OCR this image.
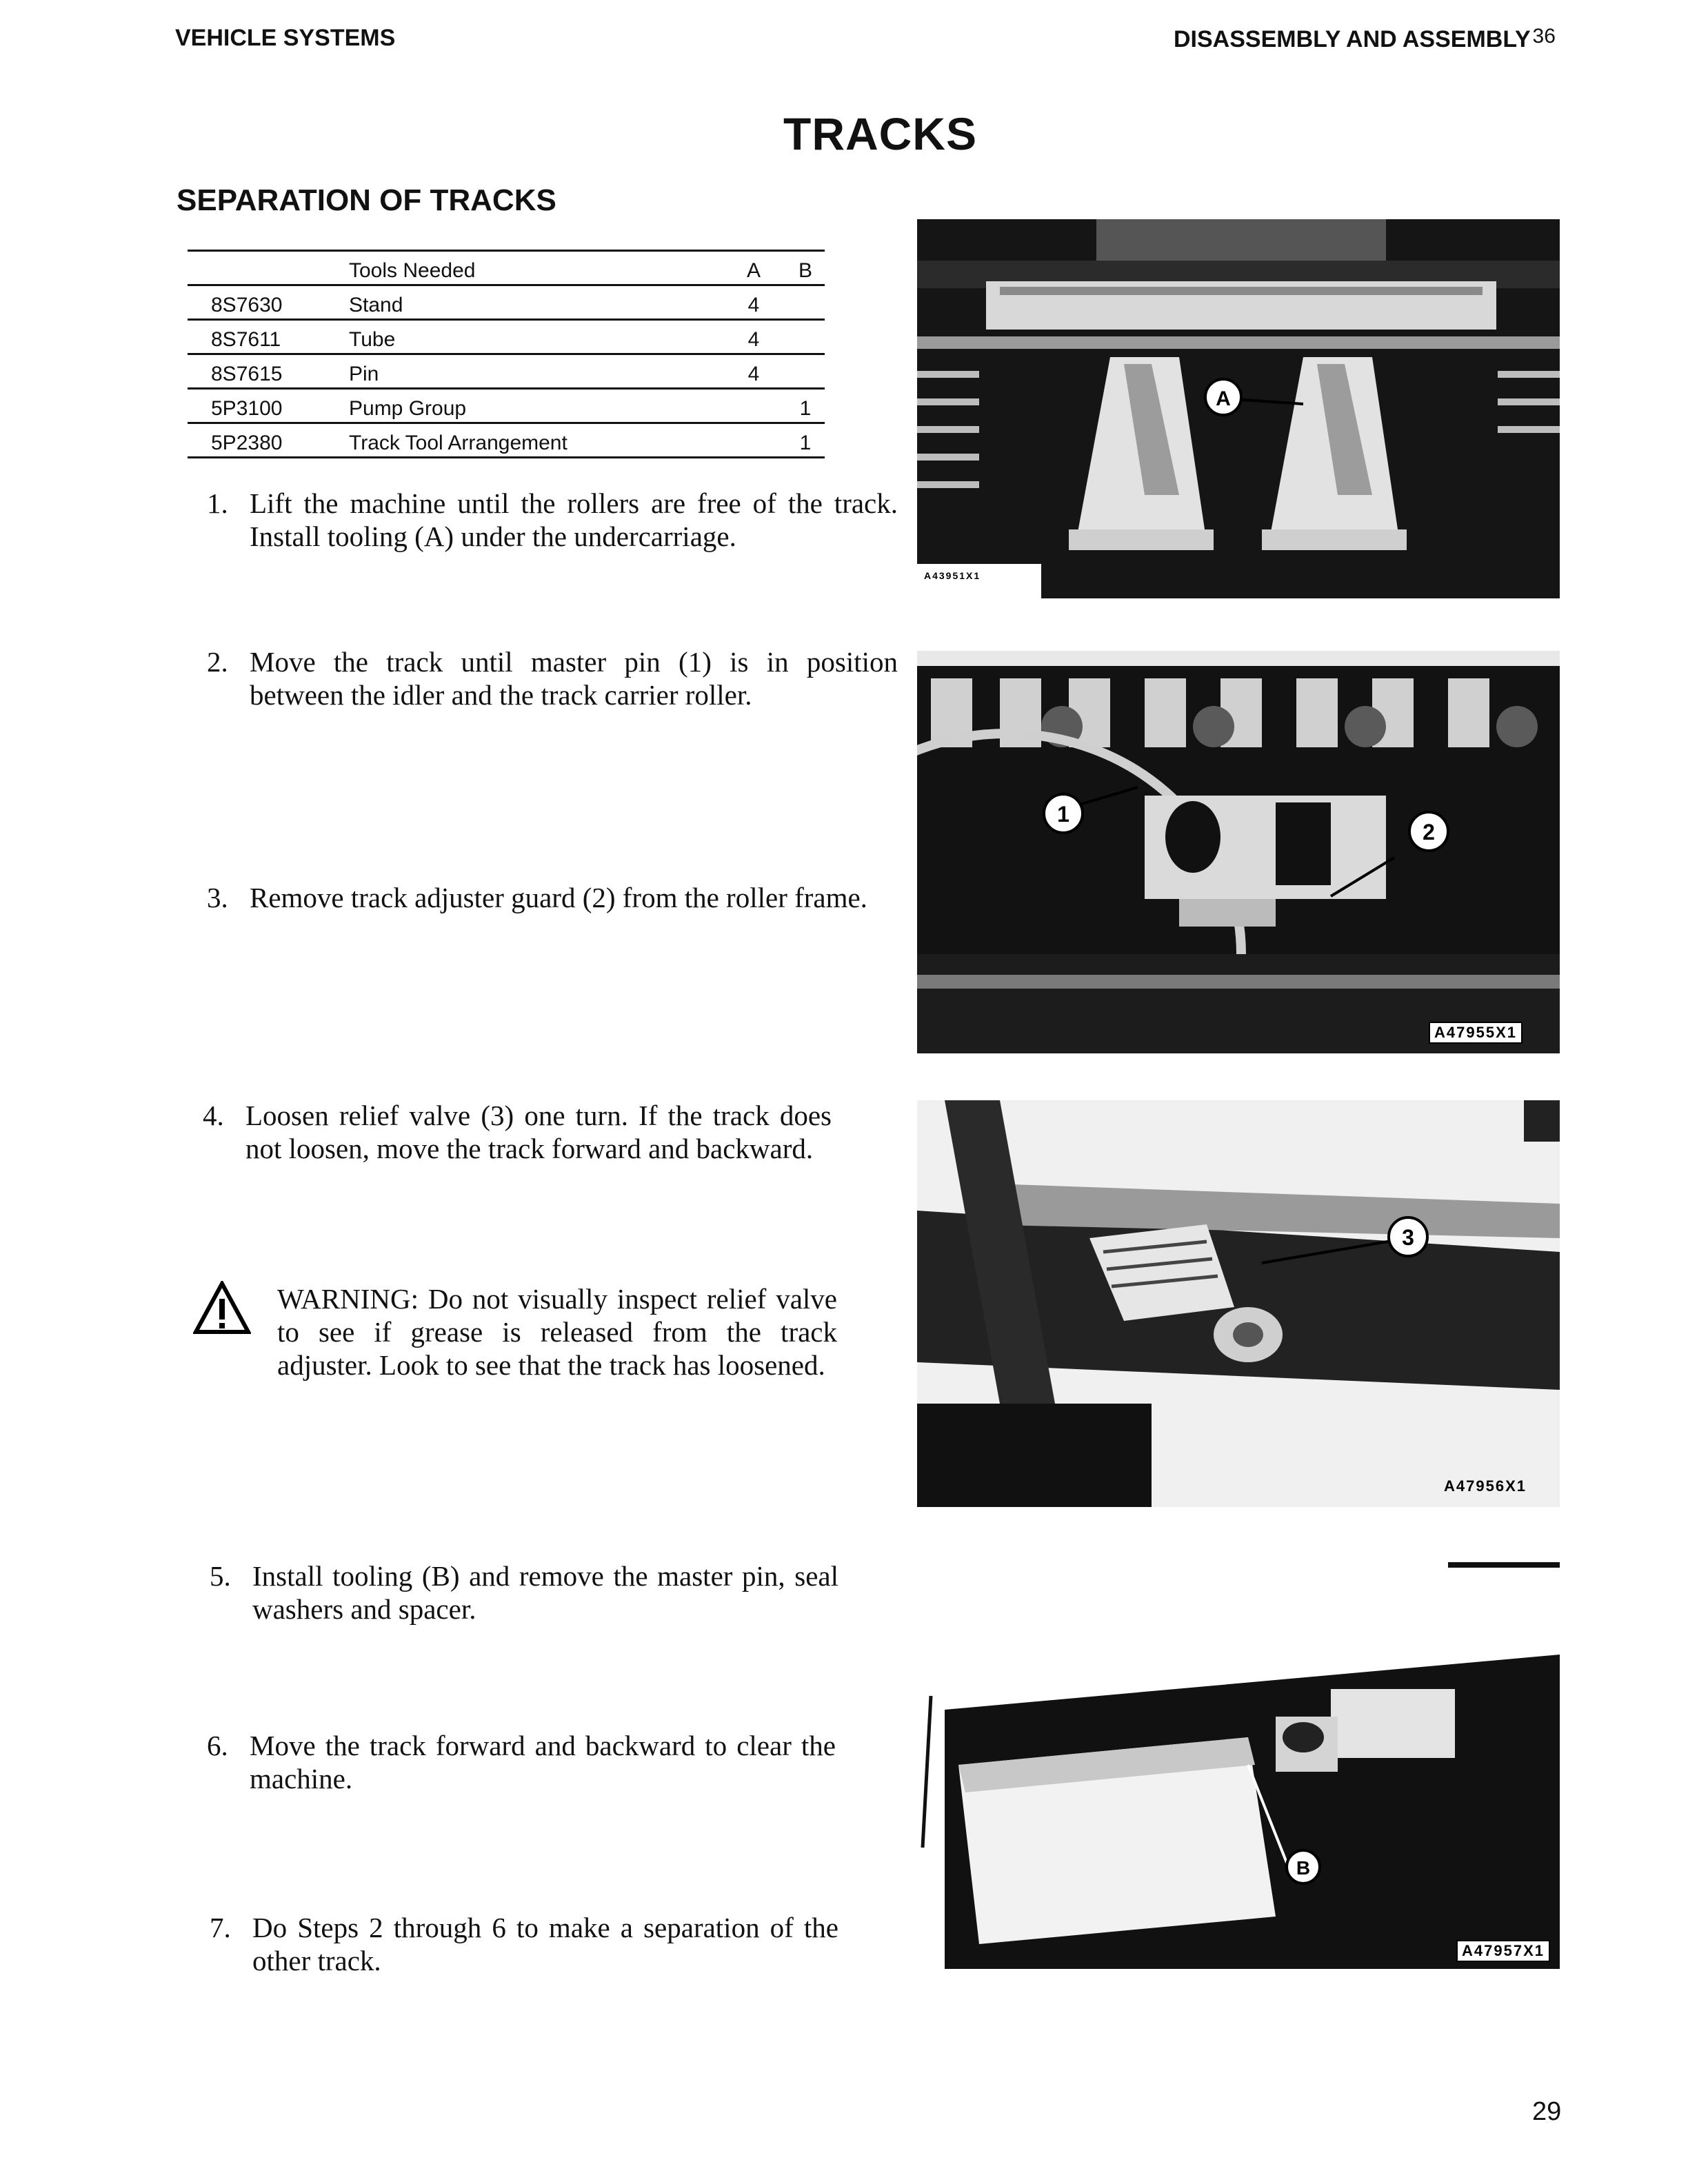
VEHICLE SYSTEMS	DISASSEMBLY AND ASSEMBLY 36
TRACKS
SEPARATION OF TRACKS
	Tools Needed	A	B
8S7630	Stand	4	
8S7611	Tube	4	
8S7615	Pin	4	
5P3100	Pump Group		1
5P2380	Track Tool Arrangement		1
1. Lift the machine until the rollers are free of the track. Install tooling (A) under the undercarriage.
2. Move the track until master pin (1) is in position between the idler and the track carrier roller.
3. Remove track adjuster guard (2) from the roller frame.
4. Loosen relief valve (3) one turn. If the track does not loosen, move the track forward and backward.
WARNING: Do not visually inspect relief valve to see if grease is released from the track adjuster. Look to see that the track has loosened.
5. Install tooling (B) and remove the master pin, seal washers and spacer.
6. Move the track forward and backward to clear the machine.
7. Do Steps 2 through 6 to make a separation of the other track.
A
A43951X1
1
2
A47955X1
3
A47956X1
B
A47957X1
29
